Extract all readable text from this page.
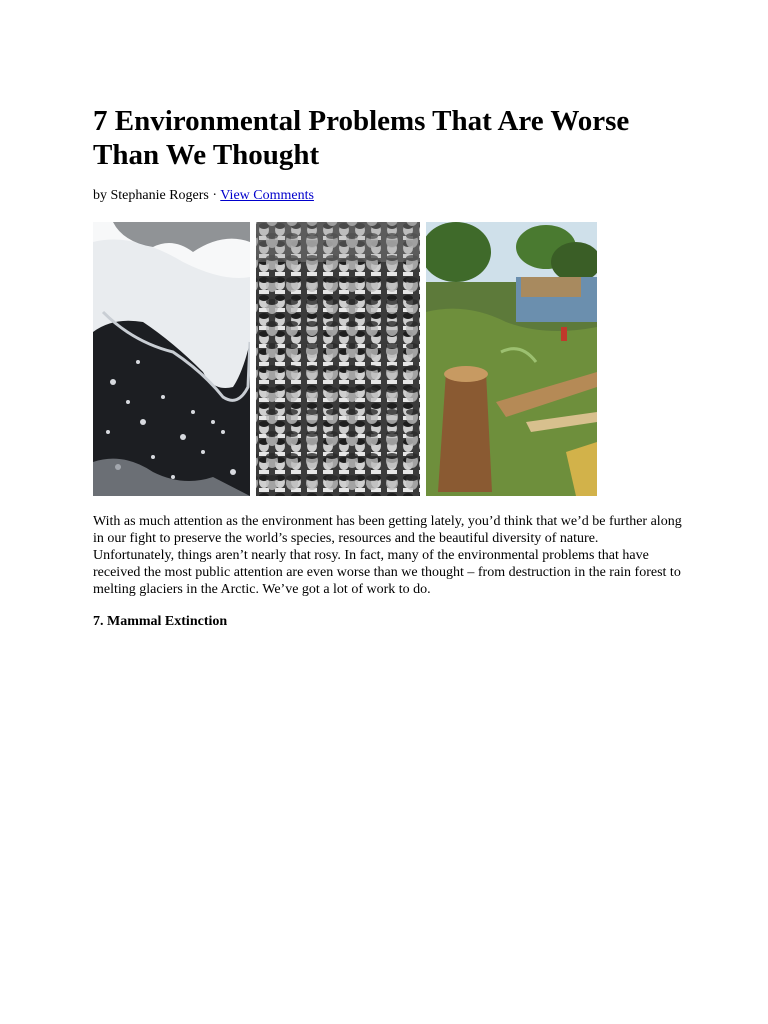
7 Environmental Problems That Are Worse Than We Thought
by Stephanie Rogers · View Comments

With as much attention as the environment has been getting lately, you’d think that we’d be further along in our fight to preserve the world’s species, resources and the beautiful diversity of nature. Unfortunately, things aren’t nearly that rosy. In fact, many of the environmental problems that have received the most public attention are even worse than we thought – from destruction in the rain forest to melting glaciers in the Arctic. We’ve got a lot of work to do.

7. Mammal Extinction
